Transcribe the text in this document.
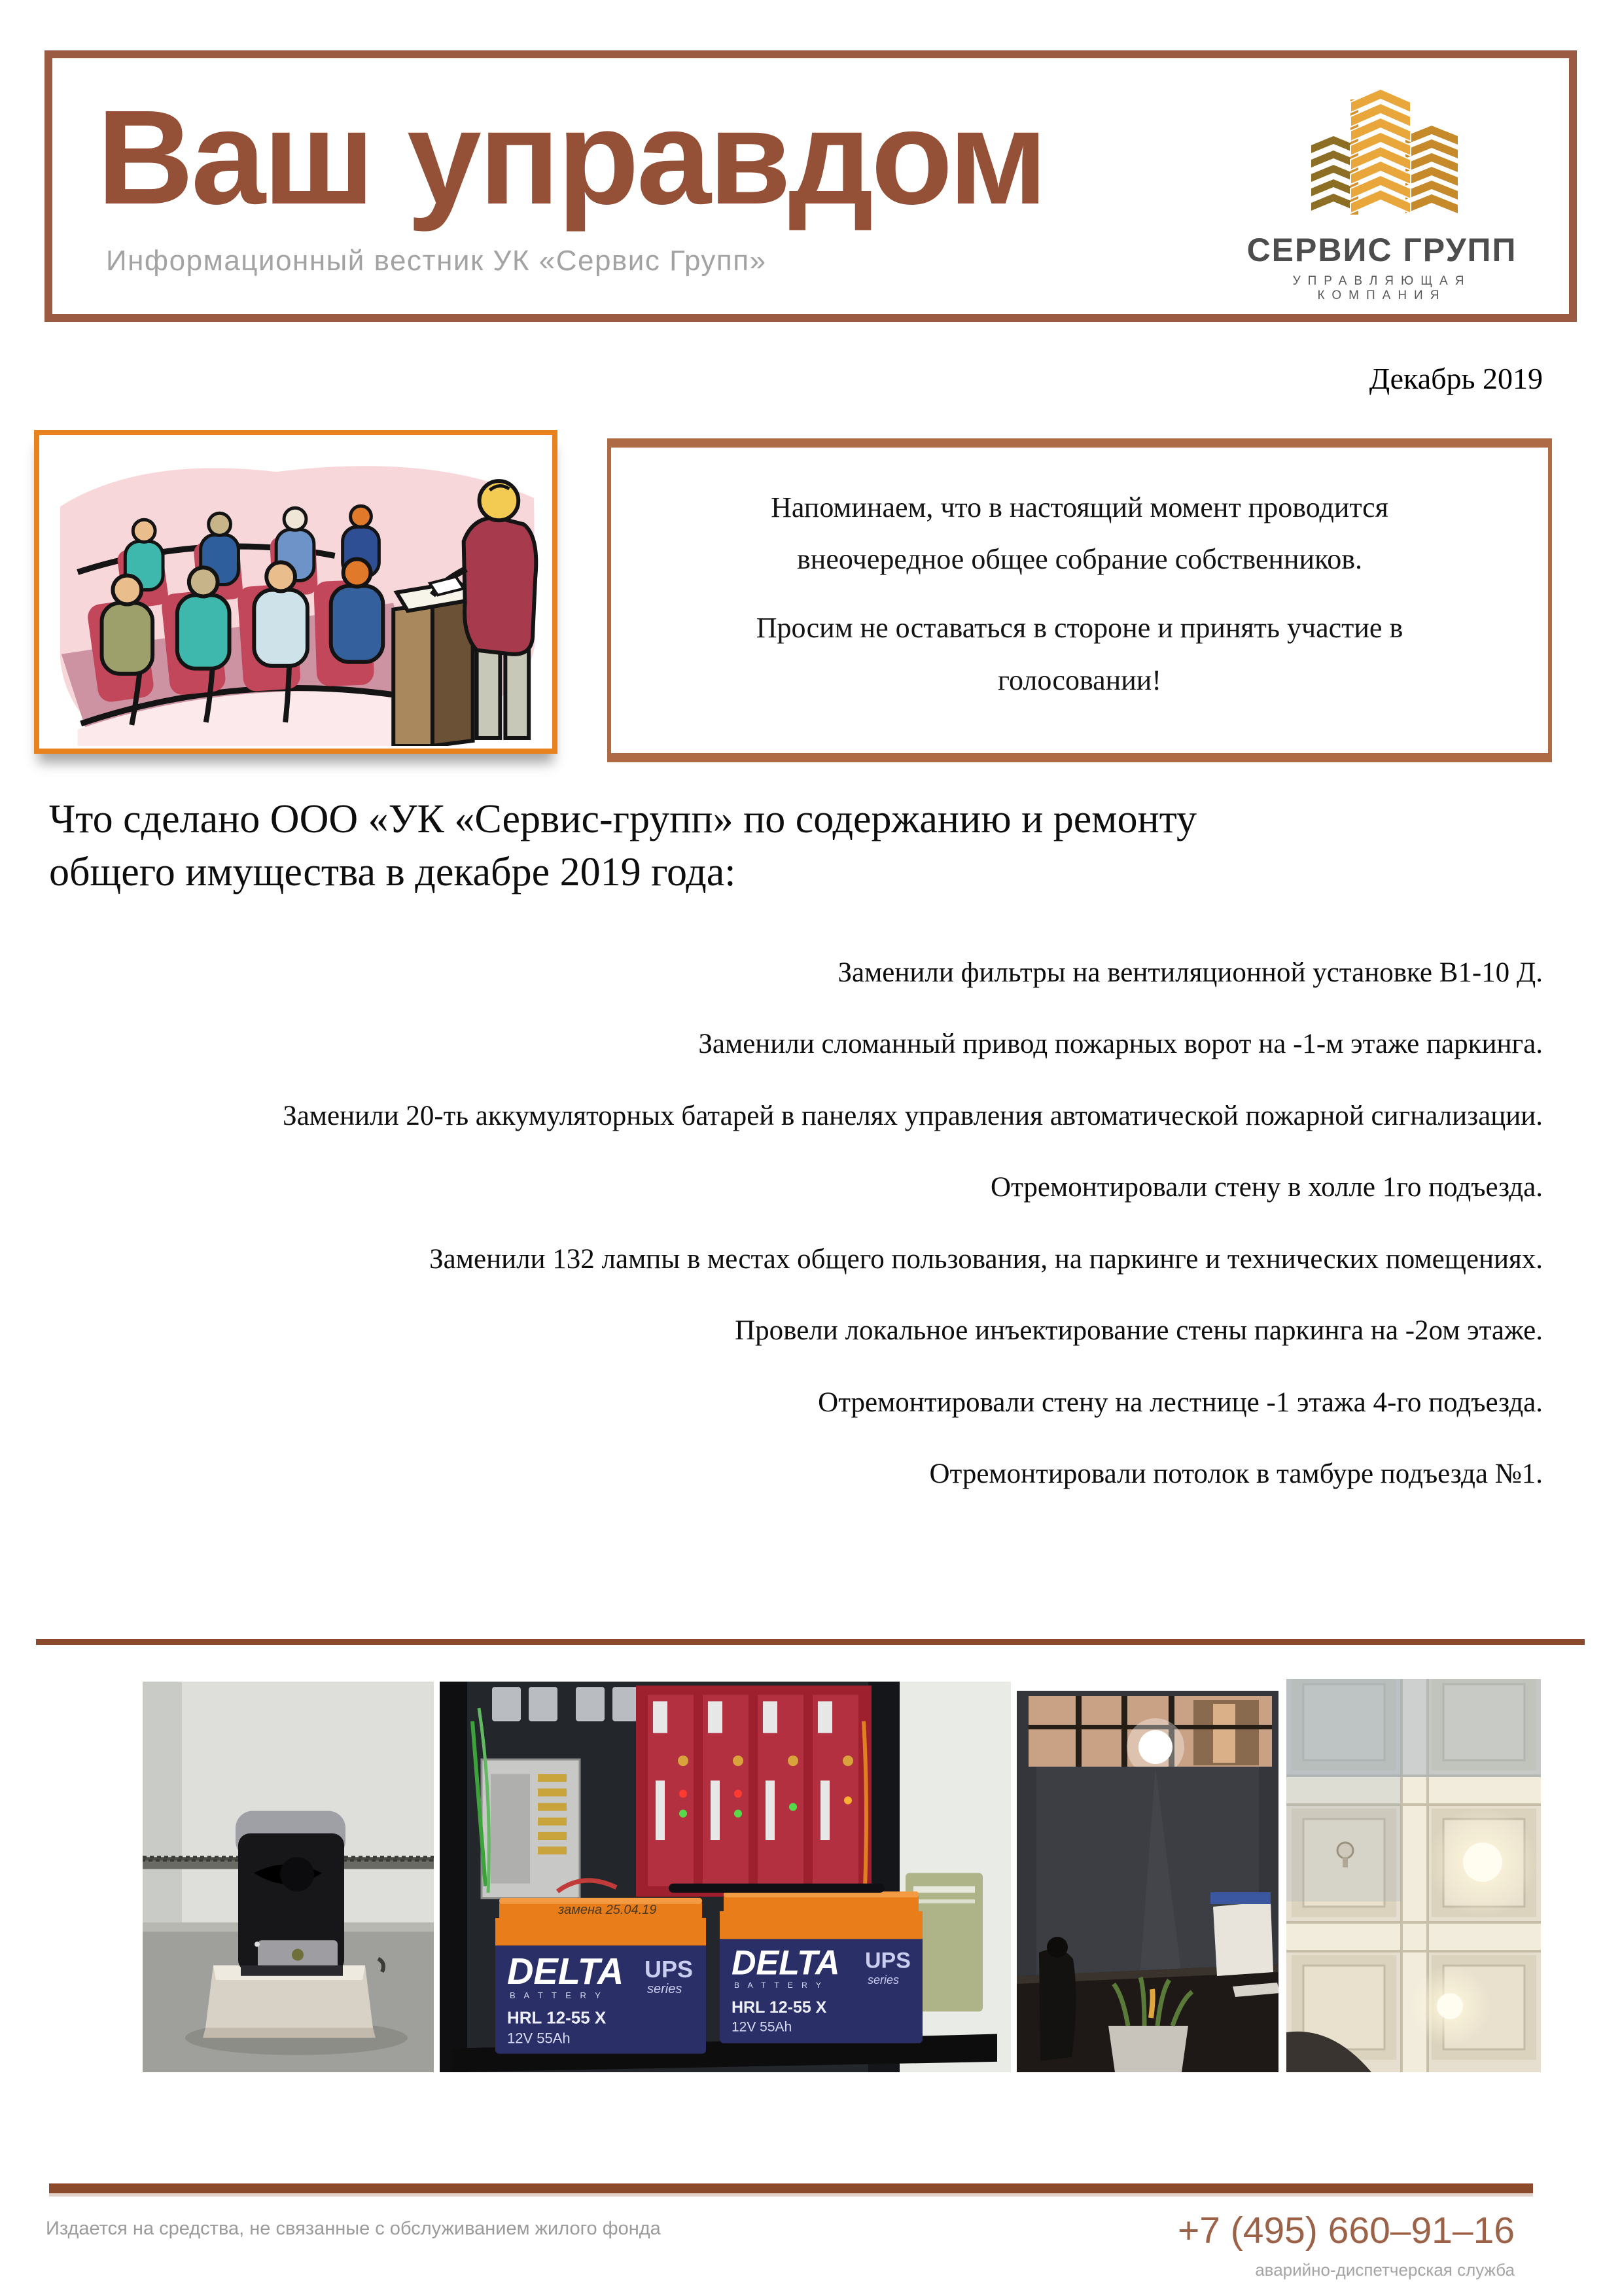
СЕРВИС ГРУПП
УПРАВЛЯЮЩАЯ КОМПАНИЯ
Ваш управдом
Информационный вестник УК «Сервис Групп»
Декабрь 2019

Напоминаем, что в настоящий момент проводится внеочередное общее собрание собственников.

Просим не оставаться в стороне и принять участие в голосовании!

Что сделано ООО «УК «Сервис-групп» по содержанию и ремонту
общего имущества в декабре 2019 года:
Заменили фильтры на вентиляционной установке В1-10 Д.
Заменили сломанный привод пожарных ворот на -1-м этаже паркинга.
Заменили 20-ть аккумуляторных батарей в панелях управления автоматической пожарной сигнализации.
Отремонтировали стену в холле 1го подъезда.
Заменили 132 лампы в местах общего пользования, на паркинге и технических помещениях.
Провели локальное инъектирование стены паркинга на -2ом этаже.
Отремонтировали стену на лестнице -1 этажа 4-го подъезда.
Отремонтировали потолок в тамбуре подъезда №1.
замена 25.04.19
DELTA
B A T T E R Y
UPS
series
HRL 12-55 X
12V 55Ah
DELTA
B A T T E R Y
UPS
series
HRL 12-55 X
12V 55Ah
Издается на средства, не связанные с обслуживанием жилого фонда	+7 (495) 660–91–16
аварийно-диспетчерская служба
